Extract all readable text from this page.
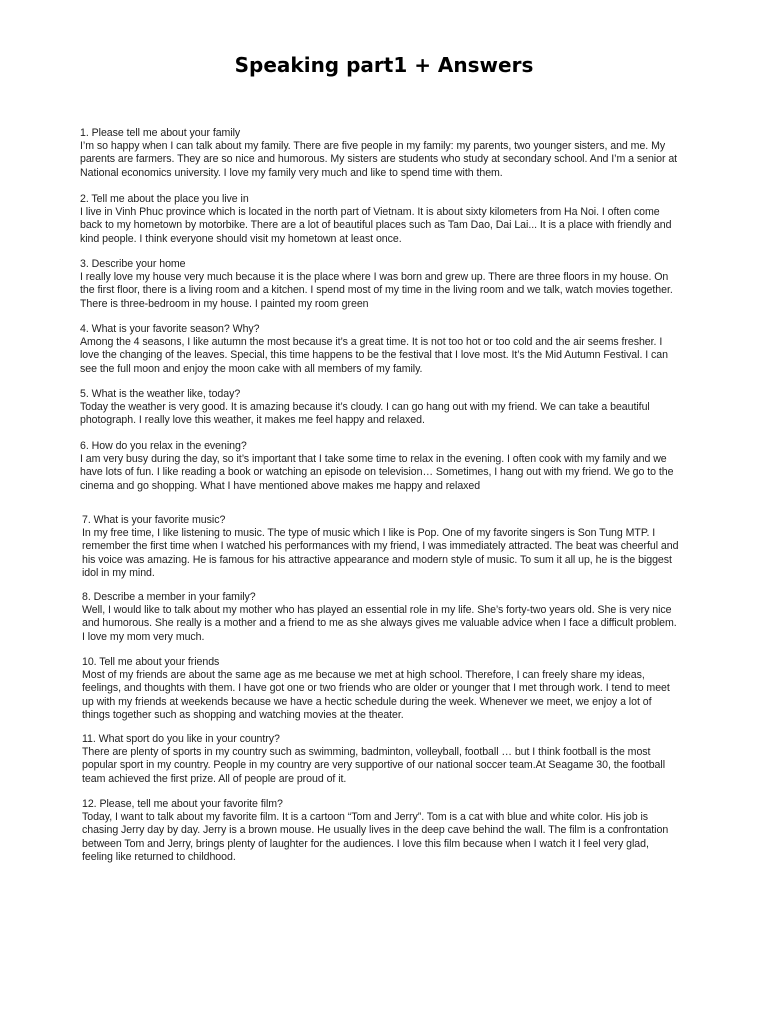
Speaking part1 + Answers
1. Please tell me about your family
I’m so happy when I can talk about my family. There are five people in my family: my parents, two younger sisters, and me. My parents are farmers. They are so nice and humorous. My sisters are students who study at secondary school. And I’m a senior at National economics university. I love my family very much and like to spend time with them.
2. Tell me about the place you live in
I live in Vinh Phuc province which is located in the north part of Vietnam. It is about sixty kilometers from Ha Noi. I often come back to my hometown by motorbike. There are a lot of beautiful places such as Tam Dao, Dai Lai... It is a place with friendly and kind people. I think everyone should visit my hometown at least once.
3. Describe your home
I really love my house very much because it is the place where I was born and grew up. There are three floors in my house. On the first floor, there is a living room and a kitchen. I spend most of my time in the living room and we talk, watch movies together. There is three-bedroom in my house. I painted my room green
4. What is your favorite season? Why?
Among the 4 seasons, I like autumn the most because it’s a great time. It is not too hot or too cold and the air seems fresher. I love the changing of the leaves. Special, this time happens to be the festival that I love most. It’s the Mid Autumn Festival. I can see the full moon and enjoy the moon cake with all members of my family.
5. What is the weather like, today?
Today the weather is very good. It is amazing because it’s cloudy. I can go hang out with my friend. We can take a beautiful photograph. I really love this weather, it makes me feel happy and relaxed.
6. How do you relax in the evening?
I am very busy during the day, so it’s important that I take some time to relax in the evening. I often cook with my family and we have lots of fun. I like reading a book or watching an episode on television… Sometimes, I hang out with my friend. We go to the cinema and go shopping. What I have mentioned above makes me happy and relaxed
7. What is your favorite music?
In my free time, I like listening to music. The type of music which I like is Pop. One of my favorite singers is Son Tung MTP. I remember the first time when I watched his performances with my friend, I was immediately attracted. The beat was cheerful and his voice was amazing. He is famous for his attractive appearance and modern style of music. To sum it all up, he is the biggest idol in my mind.
8. Describe a member in your family?
Well, I would like to talk about my mother who has played an essential role in my life. She’s forty-two years old. She is very nice and humorous. She really is a mother and a friend to me as she always gives me valuable advice when I face a difficult problem. I love my mom very much.
10. Tell me about your friends
Most of my friends are about the same age as me because we met at high school. Therefore, I can freely share my ideas, feelings, and thoughts with them. I have got one or two friends who are older or younger that I met through work. I tend to meet up with my friends at weekends because we have a hectic schedule during the week. Whenever we meet, we enjoy a lot of things together such as shopping and watching movies at the theater.
11. What sport do you like in your country?
There are plenty of sports in my country such as swimming, badminton, volleyball, football … but I think football is the most popular sport in my country. People in my country are very supportive of our national soccer team.At Seagame 30, the football team achieved the first prize. All of people are proud of it.
12. Please, tell me about your favorite film?
Today, I want to talk about my favorite film. It is a cartoon “Tom and Jerry”. Tom is a cat with blue and white color. His job is chasing Jerry day by day. Jerry is a brown mouse. He usually lives in the deep cave behind the wall. The film is a confrontation between Tom and Jerry, brings plenty of laughter for the audiences. I love this film because when I watch it I feel very glad, feeling like returned to childhood.
